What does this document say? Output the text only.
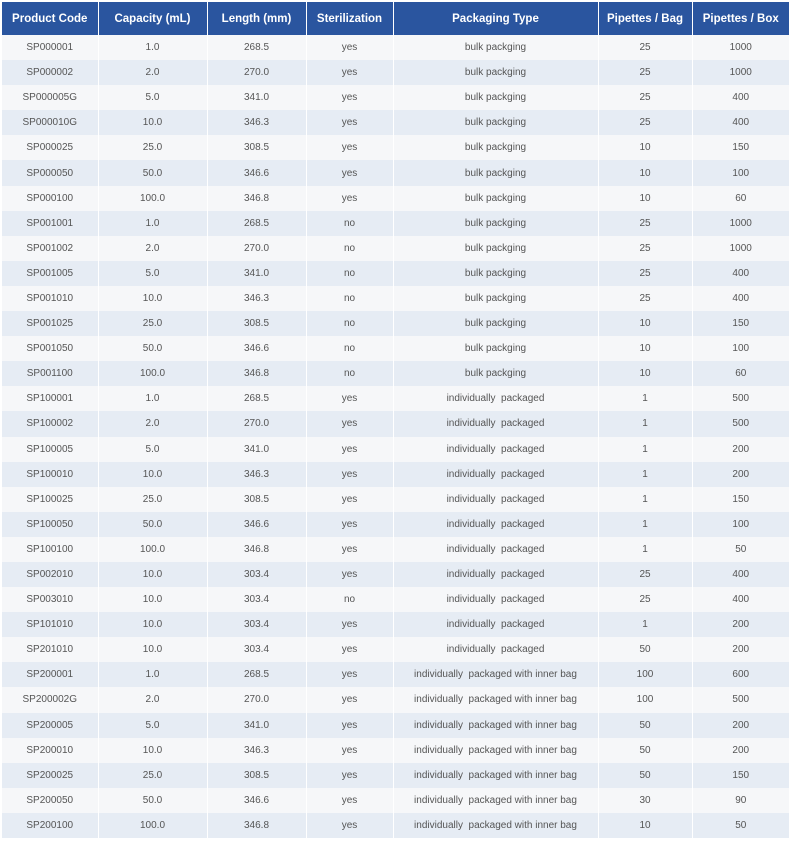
Product Code	Capacity (mL)	Length (mm)	Sterilization	Packaging Type	Pipettes / Bag	Pipettes / Box
SP000001	1.0	268.5	yes	bulk packging	25	1000
SP000002	2.0	270.0	yes	bulk packging	25	1000
SP000005G	5.0	341.0	yes	bulk packging	25	400
SP000010G	10.0	346.3	yes	bulk packging	25	400
SP000025	25.0	308.5	yes	bulk packging	10	150
SP000050	50.0	346.6	yes	bulk packging	10	100
SP000100	100.0	346.8	yes	bulk packging	10	60
SP001001	1.0	268.5	no	bulk packging	25	1000
SP001002	2.0	270.0	no	bulk packging	25	1000
SP001005	5.0	341.0	no	bulk packging	25	400
SP001010	10.0	346.3	no	bulk packging	25	400
SP001025	25.0	308.5	no	bulk packging	10	150
SP001050	50.0	346.6	no	bulk packging	10	100
SP001100	100.0	346.8	no	bulk packging	10	60
SP100001	1.0	268.5	yes	individually  packaged	1	500
SP100002	2.0	270.0	yes	individually  packaged	1	500
SP100005	5.0	341.0	yes	individually  packaged	1	200
SP100010	10.0	346.3	yes	individually  packaged	1	200
SP100025	25.0	308.5	yes	individually  packaged	1	150
SP100050	50.0	346.6	yes	individually  packaged	1	100
SP100100	100.0	346.8	yes	individually  packaged	1	50
SP002010	10.0	303.4	yes	individually  packaged	25	400
SP003010	10.0	303.4	no	individually  packaged	25	400
SP101010	10.0	303.4	yes	individually  packaged	1	200
SP201010	10.0	303.4	yes	individually  packaged	50	200
SP200001	1.0	268.5	yes	individually  packaged with inner bag	100	600
SP200002G	2.0	270.0	yes	individually  packaged with inner bag	100	500
SP200005	5.0	341.0	yes	individually  packaged with inner bag	50	200
SP200010	10.0	346.3	yes	individually  packaged with inner bag	50	200
SP200025	25.0	308.5	yes	individually  packaged with inner bag	50	150
SP200050	50.0	346.6	yes	individually  packaged with inner bag	30	90
SP200100	100.0	346.8	yes	individually  packaged with inner bag	10	50
